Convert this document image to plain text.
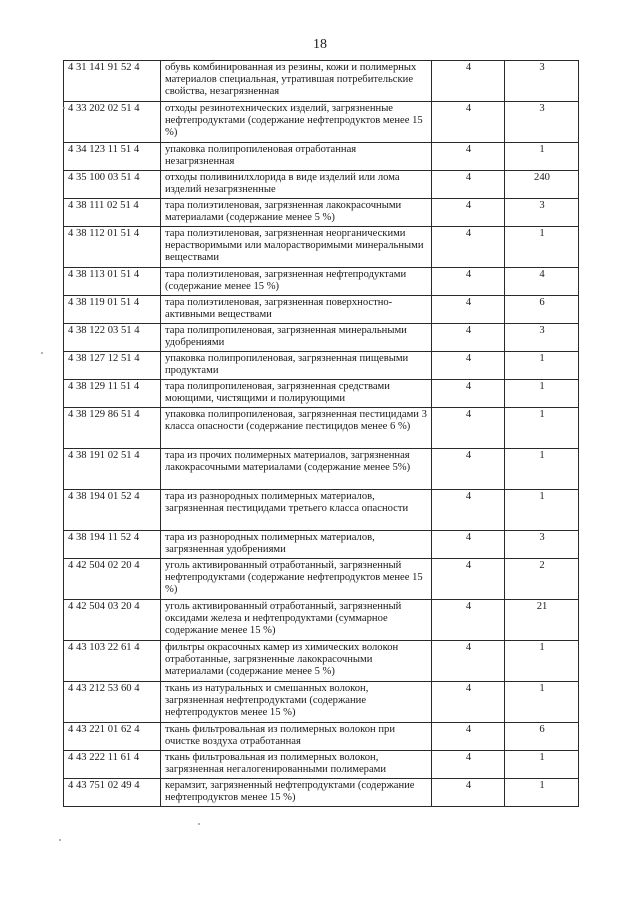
18
4 31 141 91 52 4	обувь комбинированная из резины, кожи и полимерных материалов специальная, утратившая потребительские свойства, незагрязненная	4	3
4 33 202 02 51 4	отходы резинотехнических изделий, загрязненные нефтепродуктами (содержание нефтепродуктов менее 15 %)	4	3
4 34 123 11 51 4	упаковка полипропиленовая отработанная незагрязненная	4	1
4 35 100 03 51 4	отходы поливинилхлорида в виде изделий или лома изделий незагрязненные	4	240
4 38 111 02 51 4	тара полиэтиленовая, загрязненная лакокрасочными материалами (содержание менее 5 %)	4	3
4 38 112 01 51 4	тара полиэтиленовая, загрязненная неорганическими нерастворимыми или малорастворимыми минеральными веществами	4	1
4 38 113 01 51 4	тара полиэтиленовая, загрязненная нефтепродуктами (содержание менее 15 %)	4	4
4 38 119 01 51 4	тара полиэтиленовая, загрязненная поверхностно-активными веществами	4	6
4 38 122 03 51 4	тара полипропиленовая, загрязненная минеральными удобрениями	4	3
4 38 127 12 51 4	упаковка полипропиленовая, загрязненная пищевыми продуктами	4	1
4 38 129 11 51 4	тара полипропиленовая, загрязненная средствами моющими, чистящими и полирующими	4	1
4 38 129 86 51 4	упаковка полипропиленовая, загрязненная пестицидами 3 класса опасности (содержание пестицидов менее 6 %)	4	1
4 38 191 02 51 4	тара из прочих полимерных материалов, загрязненная лакокрасочными материалами (содержание менее 5%)	4	1
4 38 194 01 52 4	тара из разнородных полимерных материалов, загрязненная пестицидами третьего класса опасности	4	1
4 38 194 11 52 4	тара из разнородных полимерных материалов, загрязненная удобрениями	4	3
4 42 504 02 20 4	уголь активированный отработанный, загрязненный нефтепродуктами (содержание нефтепродуктов менее 15 %)	4	2
4 42 504 03 20 4	уголь активированный отработанный, загрязненный оксидами железа и нефтепродуктами (суммарное содержание менее 15 %)	4	21
4 43 103 22 61 4	фильтры окрасочных камер из химических волокон отработанные, загрязненные лакокрасочными материалами (содержание менее 5 %)	4	1
4 43 212 53 60 4	ткань из натуральных и смешанных волокон, загрязненная нефтепродуктами (содержание нефтепродуктов менее 15 %)	4	1
4 43 221 01 62 4	ткань фильтровальная из полимерных волокон при очистке воздуха отработанная	4	6
4 43 222 11 61 4	ткань фильтровальная из полимерных волокон, загрязненная негалогенированными полимерами	4	1
4 43 751 02 49 4	керамзит, загрязненный нефтепродуктами (содержание нефтепродуктов менее 15 %)	4	1
